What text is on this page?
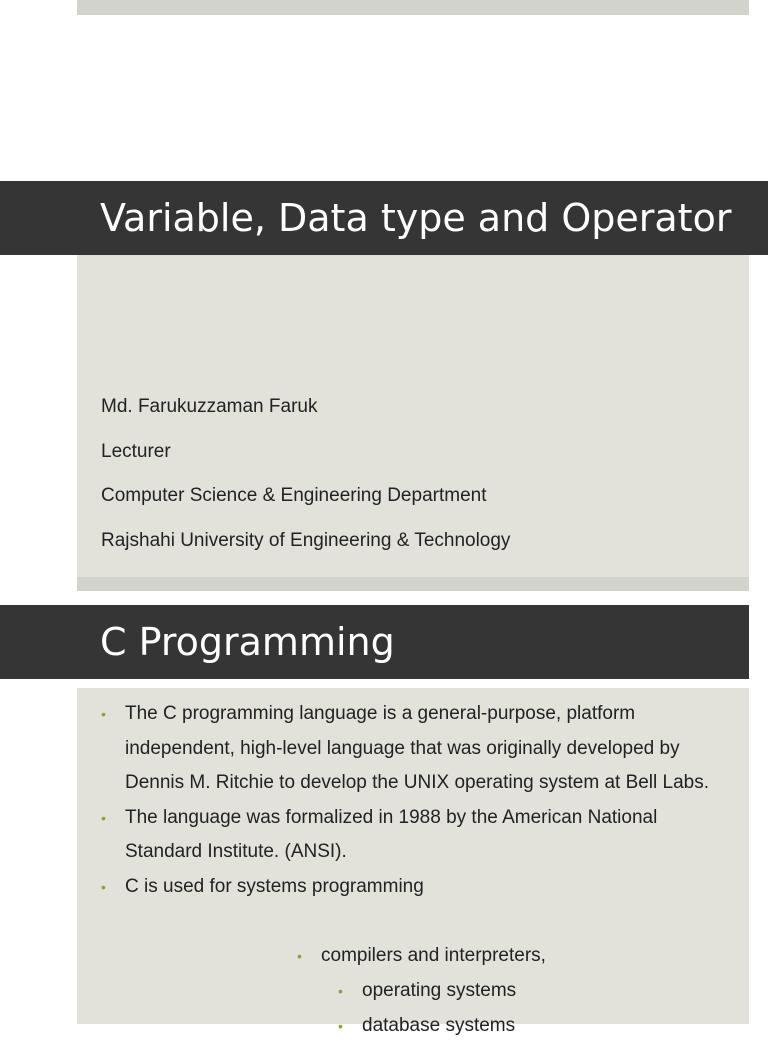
Variable, Data type and Operator

Md. Farukuzzaman Faruk

Lecturer

Computer Science & Engineering Department

Rajshahi University of Engineering & Technology

C Programming
• The C programming language is a general-purpose, platform independent, high-level language that was originally developed by Dennis M. Ritchie to develop the UNIX operating system at Bell Labs.
• The language was formalized in 1988 by the American National Standard Institute. (ANSI).
• C is used for systems programming
• compilers and interpreters,
• operating systems
• database systems
